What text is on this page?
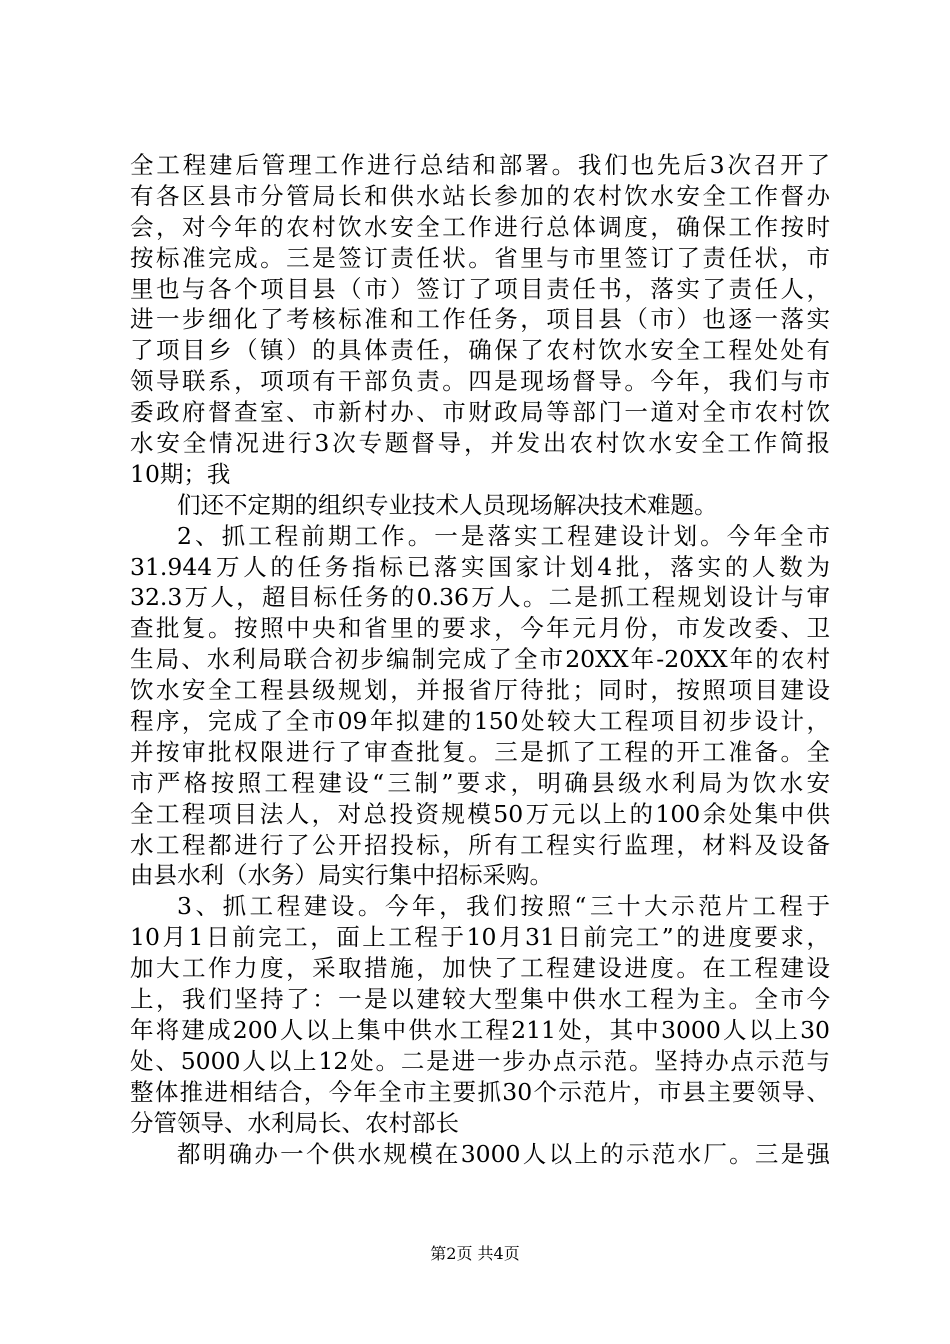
全工程建后管理工作进行总结和部署。我们也先后3次召开了
有各区县市分管局长和供水站长参加的农村饮水安全工作督办
会，对今年的农村饮水安全工作进行总体调度，确保工作按时
按标准完成。三是签订责任状。省里与市里签订了责任状，市
里也与各个项目县（市）签订了项目责任书，落实了责任人，
进一步细化了考核标准和工作任务，项目县（市）也逐一落实
了项目乡（镇）的具体责任，确保了农村饮水安全工程处处有
领导联系，项项有干部负责。四是现场督导。今年，我们与市
委政府督查室、市新村办、市财政局等部门一道对全市农村饮
水安全情况进行3次专题督导，并发出农村饮水安全工作简报
10期；我
们还不定期的组织专业技术人员现场解决技术难题。
2、抓工程前期工作。一是落实工程建设计划。今年全市
31.944万人的任务指标已落实国家计划4批，落实的人数为
32.3万人，超目标任务的0.36万人。二是抓工程规划设计与审
查批复。按照中央和省里的要求，今年元月份，市发改委、卫
生局、水利局联合初步编制完成了全市20XX年-20XX年的农村
饮水安全工程县级规划，并报省厅待批；同时，按照项目建设
程序，完成了全市09年拟建的150处较大工程项目初步设计，
并按审批权限进行了审查批复。三是抓了工程的开工准备。全
市严格按照工程建设“三制”要求，明确县级水利局为饮水安
全工程项目法人，对总投资规模50万元以上的100余处集中供
水工程都进行了公开招投标，所有工程实行监理，材料及设备
由县水利（水务）局实行集中招标采购。
3、抓工程建设。今年，我们按照“三十大示范片工程于
10月1日前完工，面上工程于10月31日前完工”的进度要求，
加大工作力度，采取措施，加快了工程建设进度。在工程建设
上，我们坚持了：一是以建较大型集中供水工程为主。全市今
年将建成200人以上集中供水工程211处，其中3000人以上30
处、5000人以上12处。二是进一步办点示范。坚持办点示范与
整体推进相结合，今年全市主要抓30个示范片，市县主要领导、
分管领导、水利局长、农村部长
都明确办一个供水规模在3000人以上的示范水厂。三是强
第2页 共4页
